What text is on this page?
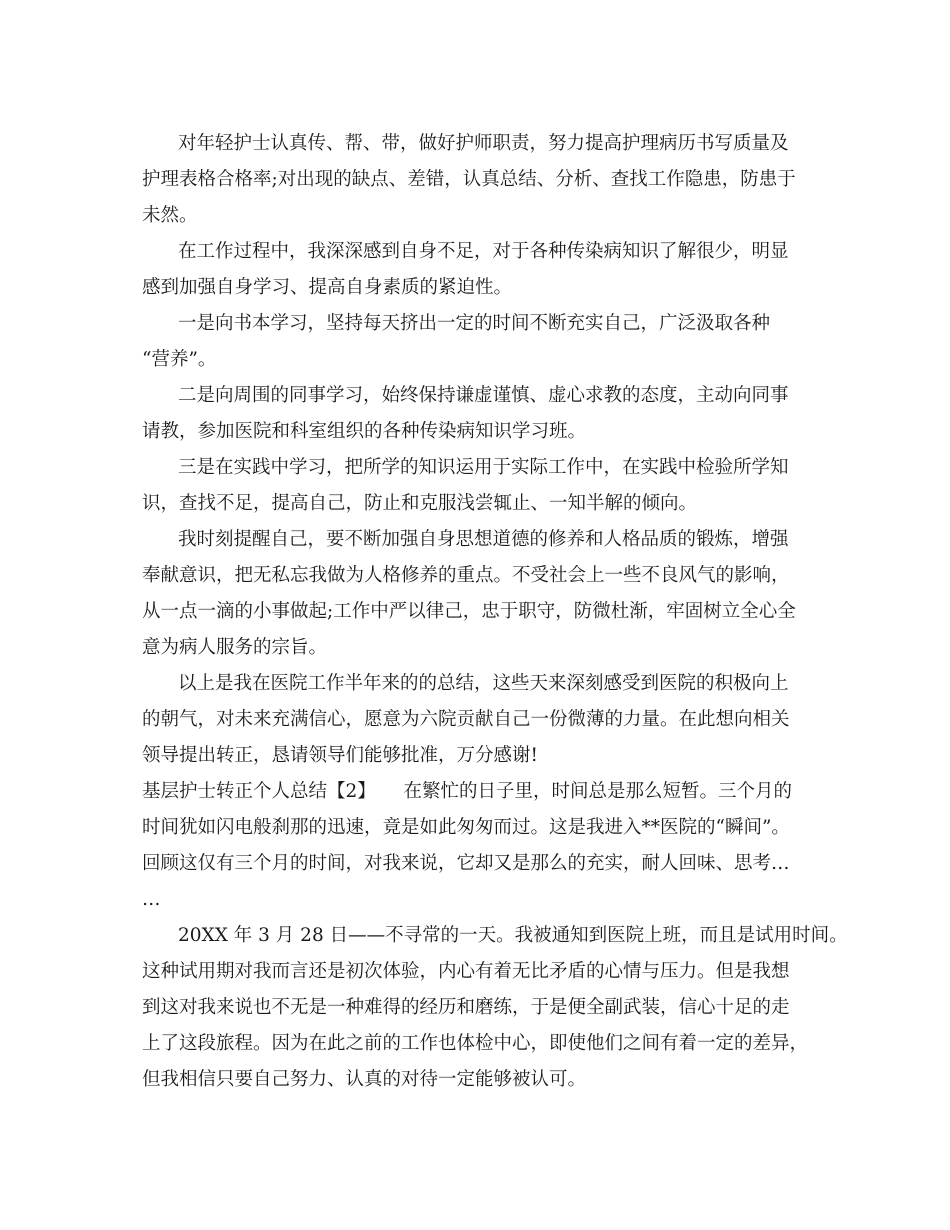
对年轻护士认真传、帮、带，做好护师职责，努力提高护理病历书写质量及
护理表格合格率;对出现的缺点、差错，认真总结、分析、查找工作隐患，防患于
未然。
在工作过程中，我深深感到自身不足，对于各种传染病知识了解很少，明显
感到加强自身学习、提高自身素质的紧迫性。
一是向书本学习，坚持每天挤出一定的时间不断充实自己，广泛汲取各种
“营养”。
二是向周围的同事学习，始终保持谦虚谨慎、虚心求教的态度，主动向同事
请教，参加医院和科室组织的各种传染病知识学习班。
三是在实践中学习，把所学的知识运用于实际工作中，在实践中检验所学知
识，查找不足，提高自己，防止和克服浅尝辄止、一知半解的倾向。
我时刻提醒自己，要不断加强自身思想道德的修养和人格品质的锻炼，增强
奉献意识，把无私忘我做为人格修养的重点。不受社会上一些不良风气的影响，
从一点一滴的小事做起;工作中严以律己，忠于职守，防微杜渐，牢固树立全心全
意为病人服务的宗旨。
以上是我在医院工作半年来的的总结，这些天来深刻感受到医院的积极向上
的朝气，对未来充满信心，愿意为六院贡献自己一份微薄的力量。在此想向相关
领导提出转正，恳请领导们能够批准，万分感谢!
基层护士转正个人总结【2】　　在繁忙的日子里，时间总是那么短暂。三个月的
时间犹如闪电般刹那的迅速，竟是如此匆匆而过。这是我进入**医院的“瞬间”。
回顾这仅有三个月的时间，对我来说，它却又是那么的充实，耐人回味、思考…
…
20XX 年 3 月 28 日——不寻常的一天。我被通知到医院上班，而且是试用时间。
这种试用期对我而言还是初次体验，内心有着无比矛盾的心情与压力。但是我想
到这对我来说也不无是一种难得的经历和磨练，于是便全副武装，信心十足的走
上了这段旅程。因为在此之前的工作也体检中心，即使他们之间有着一定的差异，
但我相信只要自己努力、认真的对待一定能够被认可。
